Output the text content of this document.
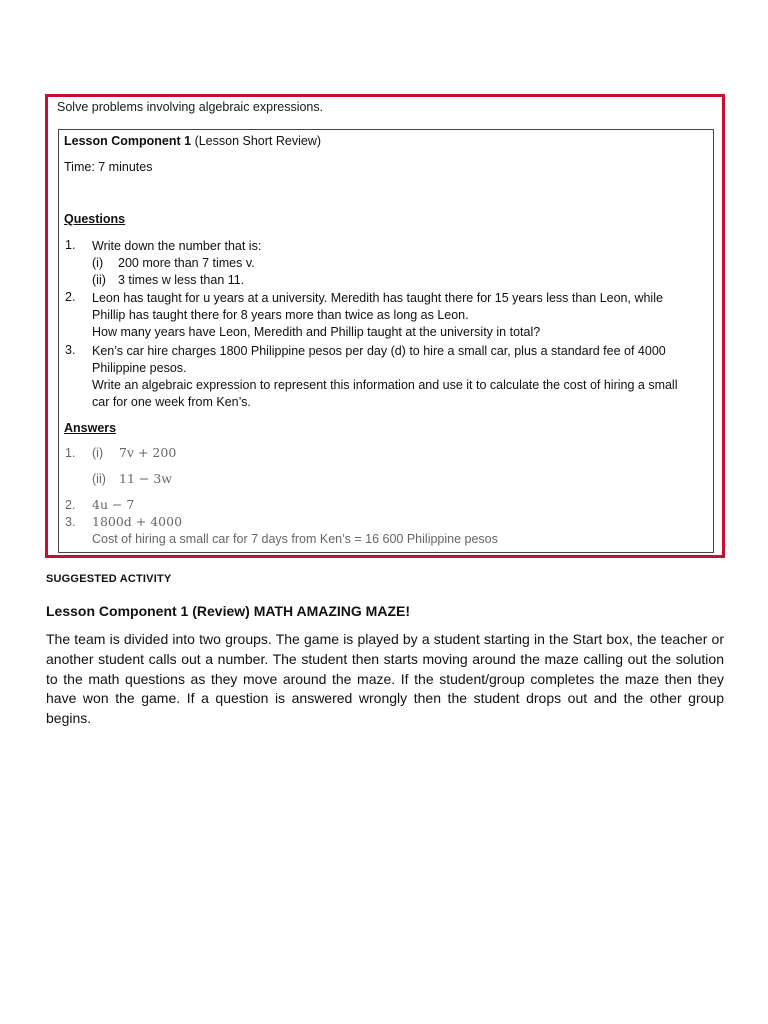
Solve problems involving algebraic expressions.
Lesson Component 1 (Lesson Short Review)
Time: 7 minutes
Questions
1. Write down the number that is:
(i) 200 more than 7 times v.
(ii) 3 times w less than 11.
2. Leon has taught for u years at a university. Meredith has taught there for 15 years less than Leon, while
Phillip has taught there for 8 years more than twice as long as Leon.
How many years have Leon, Meredith and Phillip taught at the university in total?
3. Ken’s car hire charges 1800 Philippine pesos per day (d) to hire a small car, plus a standard fee of 4000
Philippine pesos.
Write an algebraic expression to represent this information and use it to calculate the cost of hiring a small
car for one week from Ken’s.
Answers
1. (i) 7v + 200
(ii) 11 − 3w
2. 4u − 7
3. 1800d + 4000
Cost of hiring a small car for 7 days from Ken’s = 16 600 Philippine pesos
SUGGESTED ACTIVITY
Lesson Component 1 (Review) MATH AMAZING MAZE!
The team is divided into two groups. The game is played by a student starting in the Start box, the teacher or another student calls out a number. The student then starts moving around the maze calling out the solution to the math questions as they move around the maze. If the student/group completes the maze then they have won the game. If a question is answered wrongly then the student drops out and the other group begins.
